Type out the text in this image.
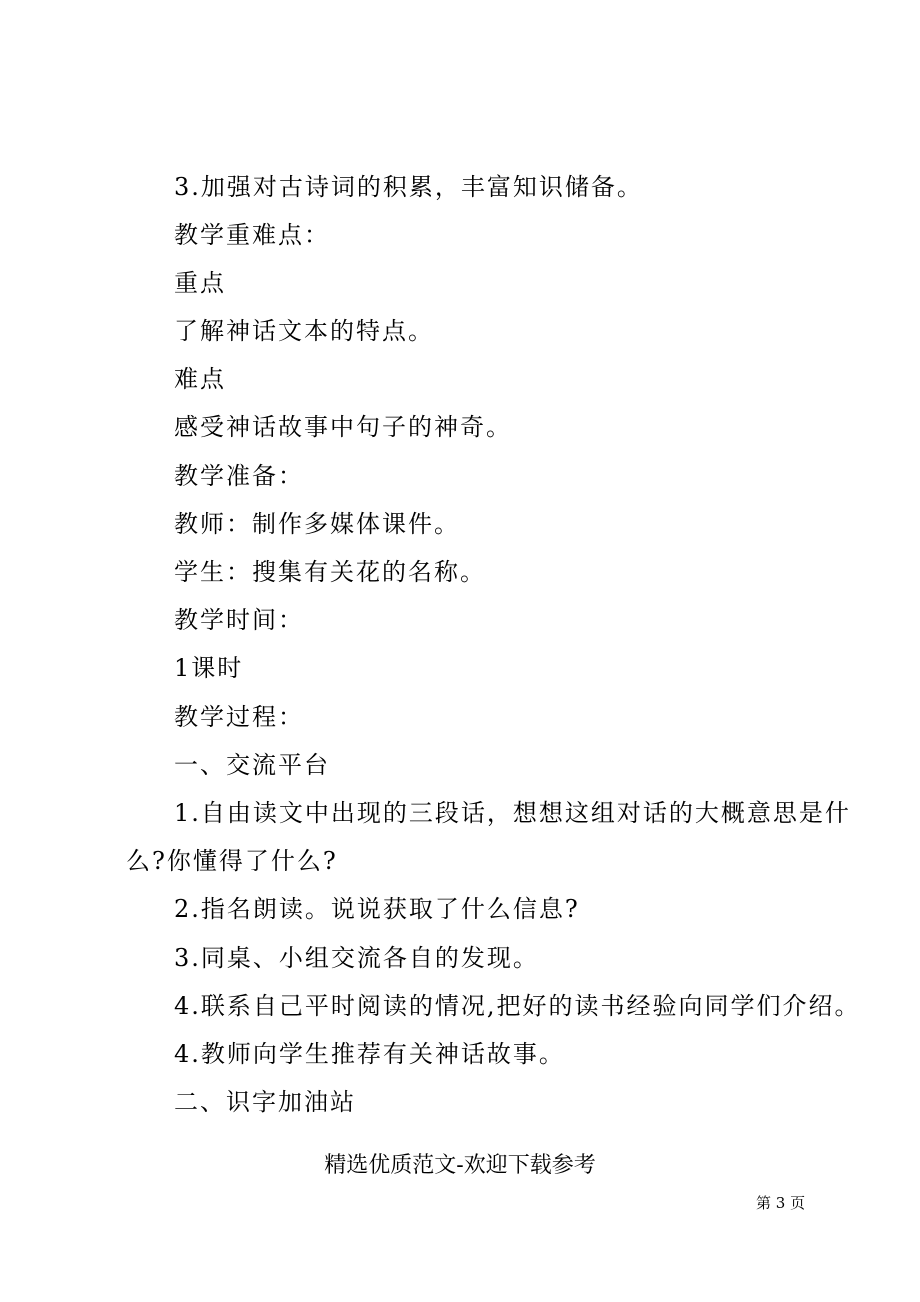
3.加强对古诗词的积累，丰富知识储备。
教学重难点：
重点
了解神话文本的特点。
难点
感受神话故事中句子的神奇。
教学准备：
教师：制作多媒体课件。
学生：搜集有关花的名称。
教学时间：
1课时
教学过程：
一、交流平台
1.自由读文中出现的三段话，想想这组对话的大概意思是什
么?你懂得了什么?
2.指名朗读。说说获取了什么信息?
3.同桌、小组交流各自的发现。
4.联系自己平时阅读的情况,把好的读书经验向同学们介绍。
4.教师向学生推荐有关神话故事。
二、识字加油站
精选优质范文-欢迎下载参考
第 3 页
